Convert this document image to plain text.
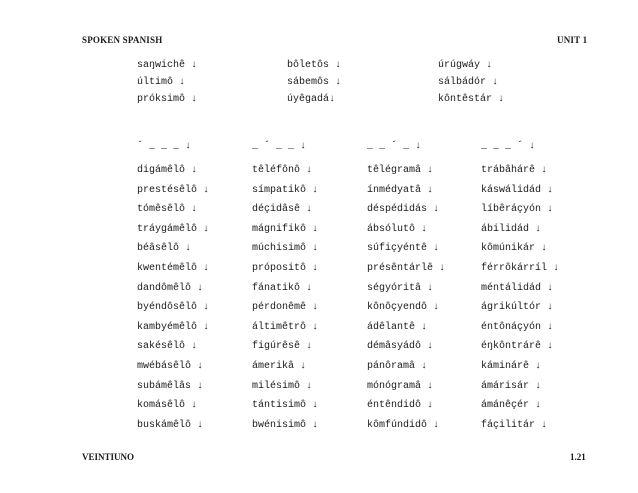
SPOKEN SPANISH	UNIT 1
saŋwichê ↓
últimô ↓
próksimô ↓
bôletôs ↓
sábemôs ↓
úyêgadá↓
úrúgwáy ↓
sálbádór ↓
kôntêstár ↓
´ _ _ _ ↓
digámêlô ↓
prestésêlô ↓
tómêsêlô ↓
tráygámêlô ↓
béâsêlô ↓
kwentémêlô ↓
dandômêlô ↓
byéndôsêlô ↓
kambyémêlô ↓
sakésêlô ↓
mwébásêlô ↓
subámêlâs ↓
komásêlô ↓
buskámêlô ↓
_ ´ _ _ ↓
têléfônô ↓
símpatikô ↓
déçidâsê ↓
mágnifikô ↓
múchisimô ↓
própositô ↓
fánatikô ↓
pérdonêmê ↓
áltimêtrô ↓
figúrêsê ↓
ámerikâ ↓
milésimô ↓
tántisimô ↓
bwénisimô ↓
_ _ ´ _ ↓
têlégramâ ↓
ínmédyatâ ↓
déspédidás ↓
ábsólutô ↓
súfiçyéntê ↓
présêntárlê ↓
ségyóritâ ↓
kônôçyendô ↓
ádêlantê ↓
démâsyádô ↓
pánôramâ ↓
mónógramâ ↓
éntêndidô ↓
kômfúndidô ↓
_ _ _ ´ ↓
trábâhárê ↓
káswálidád ↓
líbêráçyón ↓
ábilidád ↓
kômúnikár ↓
férrôkárríl ↓
méntálidád ↓
ágrikúltór ↓
éntônáçyón ↓
éŋkôntrárê ↓
káminárê ↓
ámárisár ↓
ámánêçér ↓
fáçilitár ↓
VEINTIUNO	1.21
